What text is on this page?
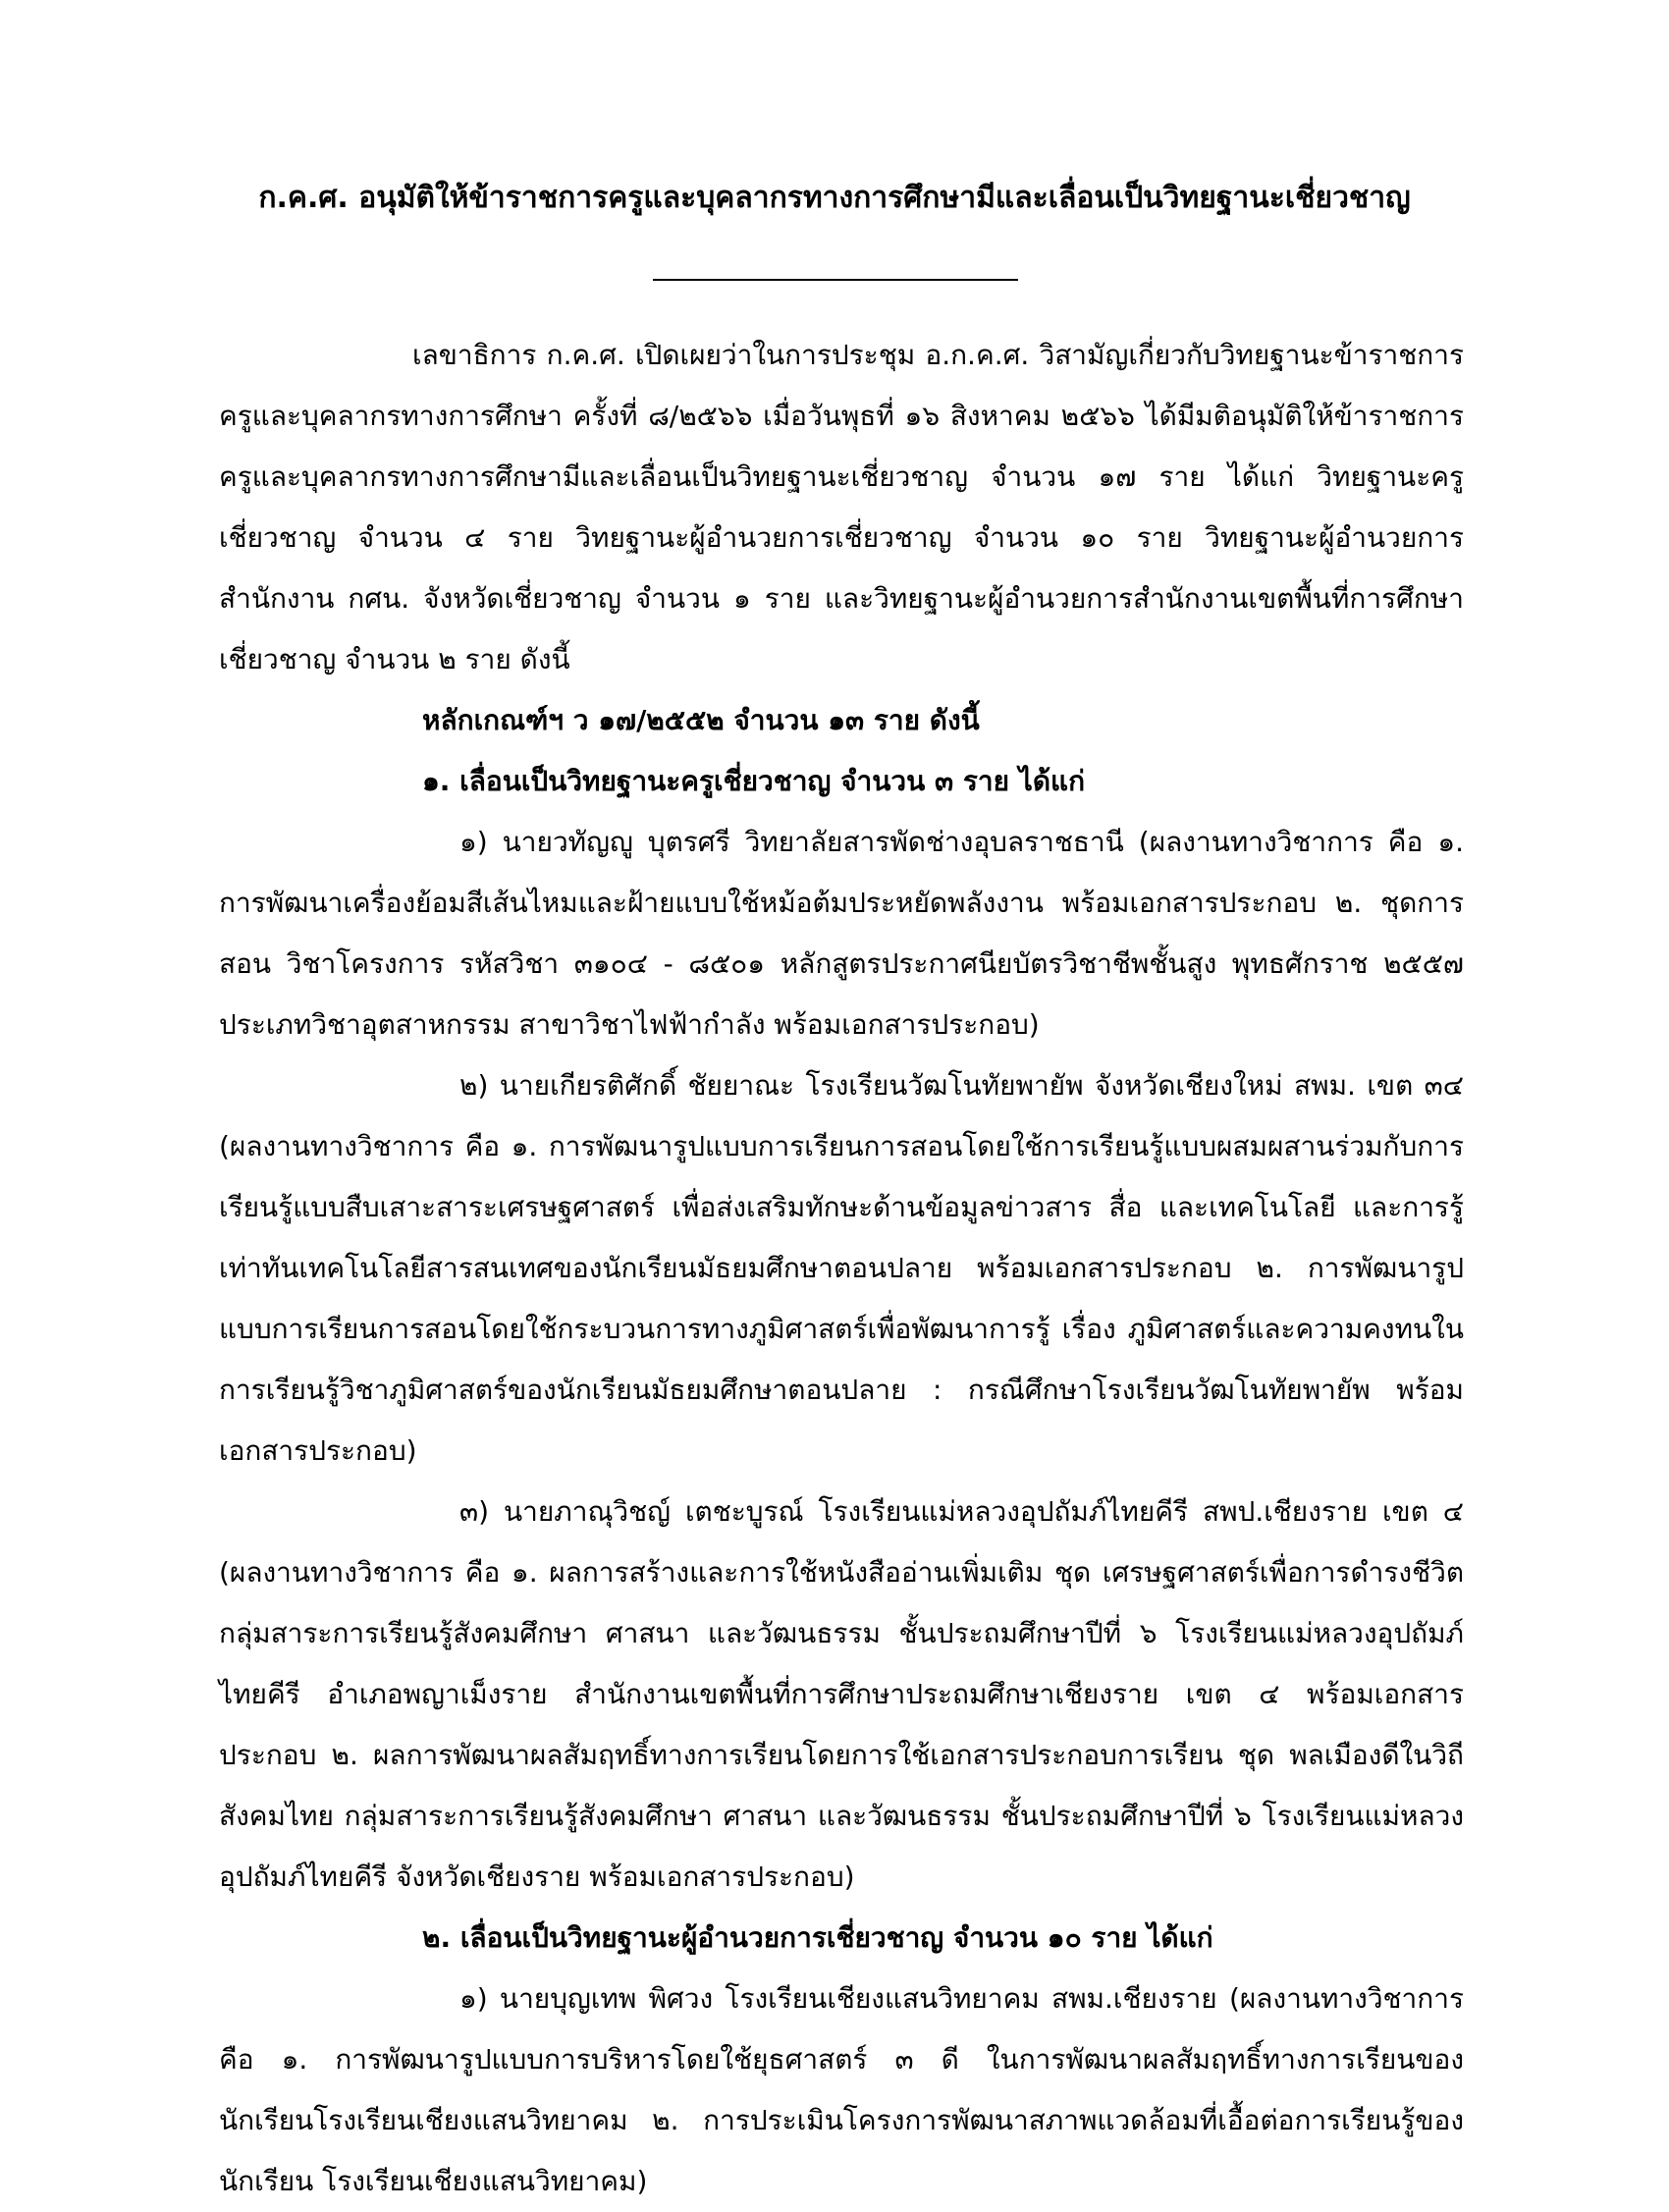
ก.ค.ศ. อนุมัติให้ข้าราชการครูและบุคลากรทางการศึกษามีและเลื่อนเป็นวิทยฐานะเชี่ยวชาญ

เลขาธิการ ก.ค.ศ. เปิดเผยว่าในการประชุม อ.ก.ค.ศ. วิสามัญเกี่ยวกับวิทยฐานะข้าราชการครูและบุคลากรทางการศึกษา ครั้งที่ ๘/๒๕๖๖ เมื่อวันพุธที่ ๑๖ สิงหาคม ๒๕๖๖ ได้มีมติอนุมัติให้ข้าราชการครูและบุคลากรทางการศึกษามีและเลื่อนเป็นวิทยฐานะเชี่ยวชาญ จำนวน ๑๗ ราย ได้แก่ วิทยฐานะครูเชี่ยวชาญ จำนวน ๔ ราย วิทยฐานะผู้อำนวยการเชี่ยวชาญ จำนวน ๑๐ ราย วิทยฐานะผู้อำนวยการสำนักงาน กศน. จังหวัดเชี่ยวชาญ จำนวน ๑ ราย และวิทยฐานะผู้อำนวยการสำนักงานเขตพื้นที่การศึกษาเชี่ยวชาญ จำนวน ๒ ราย ดังนี้

หลักเกณฑ์ฯ ว ๑๗/๒๕๕๒ จำนวน ๑๓ ราย ดังนี้

๑. เลื่อนเป็นวิทยฐานะครูเชี่ยวชาญ จำนวน ๓ ราย ได้แก่

๑) นายวทัญญู บุตรศรี วิทยาลัยสารพัดช่างอุบลราชธานี (ผลงานทางวิชาการ คือ ๑. การพัฒนาเครื่องย้อมสีเส้นไหมและฝ้ายแบบใช้หม้อต้มประหยัดพลังงาน พร้อมเอกสารประกอบ ๒. ชุดการสอน วิชาโครงการ รหัสวิชา ๓๑๐๔ - ๘๕๐๑ หลักสูตรประกาศนียบัตรวิชาชีพชั้นสูง พุทธศักราช ๒๕๕๗ ประเภทวิชาอุตสาหกรรม สาขาวิชาไฟฟ้ากำลัง พร้อมเอกสารประกอบ)

๒) นายเกียรติศักดิ์ ชัยยาณะ โรงเรียนวัฒโนทัยพายัพ จังหวัดเชียงใหม่ สพม. เขต ๓๔ (ผลงานทางวิชาการ คือ ๑. การพัฒนารูปแบบการเรียนการสอนโดยใช้การเรียนรู้แบบผสมผสานร่วมกับการเรียนรู้แบบสืบเสาะสาระเศรษฐศาสตร์ เพื่อส่งเสริมทักษะด้านข้อมูลข่าวสาร สื่อ และเทคโนโลยี และการรู้เท่าทันเทคโนโลยีสารสนเทศของนักเรียนมัธยมศึกษาตอนปลาย พร้อมเอกสารประกอบ ๒. การพัฒนารูปแบบการเรียนการสอนโดยใช้กระบวนการทางภูมิศาสตร์เพื่อพัฒนาการรู้ เรื่อง ภูมิศาสตร์และความคงทนในการเรียนรู้วิชาภูมิศาสตร์ของนักเรียนมัธยมศึกษาตอนปลาย : กรณีศึกษาโรงเรียนวัฒโนทัยพายัพ พร้อมเอกสารประกอบ)

๓) นายภาณุวิชญ์ เตชะบูรณ์ โรงเรียนแม่หลวงอุปถัมภ์ไทยคีรี สพป.เชียงราย เขต ๔ (ผลงานทางวิชาการ คือ ๑. ผลการสร้างและการใช้หนังสืออ่านเพิ่มเติม ชุด เศรษฐศาสตร์เพื่อการดำรงชีวิต กลุ่มสาระการเรียนรู้สังคมศึกษา ศาสนา และวัฒนธรรม ชั้นประถมศึกษาปีที่ ๖ โรงเรียนแม่หลวงอุปถัมภ์ไทยคีรี อำเภอพญาเม็งราย สำนักงานเขตพื้นที่การศึกษาประถมศึกษาเชียงราย เขต ๔ พร้อมเอกสารประกอบ ๒. ผลการพัฒนาผลสัมฤทธิ์ทางการเรียนโดยการใช้เอกสารประกอบการเรียน ชุด พลเมืองดีในวิถีสังคมไทย กลุ่มสาระการเรียนรู้สังคมศึกษา ศาสนา และวัฒนธรรม ชั้นประถมศึกษาปีที่ ๖ โรงเรียนแม่หลวงอุปถัมภ์ไทยคีรี จังหวัดเชียงราย พร้อมเอกสารประกอบ)

๒. เลื่อนเป็นวิทยฐานะผู้อำนวยการเชี่ยวชาญ จำนวน ๑๐ ราย ได้แก่

๑) นายบุญเทพ พิศวง โรงเรียนเชียงแสนวิทยาคม สพม.เชียงราย (ผลงานทางวิชาการ คือ ๑. การพัฒนารูปแบบการบริหารโดยใช้ยุธศาสตร์ ๓ ดี ในการพัฒนาผลสัมฤทธิ์ทางการเรียนของนักเรียนโรงเรียนเชียงแสนวิทยาคม ๒. การประเมินโครงการพัฒนาสภาพแวดล้อมที่เอื้อต่อการเรียนรู้ของนักเรียน โรงเรียนเชียงแสนวิทยาคม)
